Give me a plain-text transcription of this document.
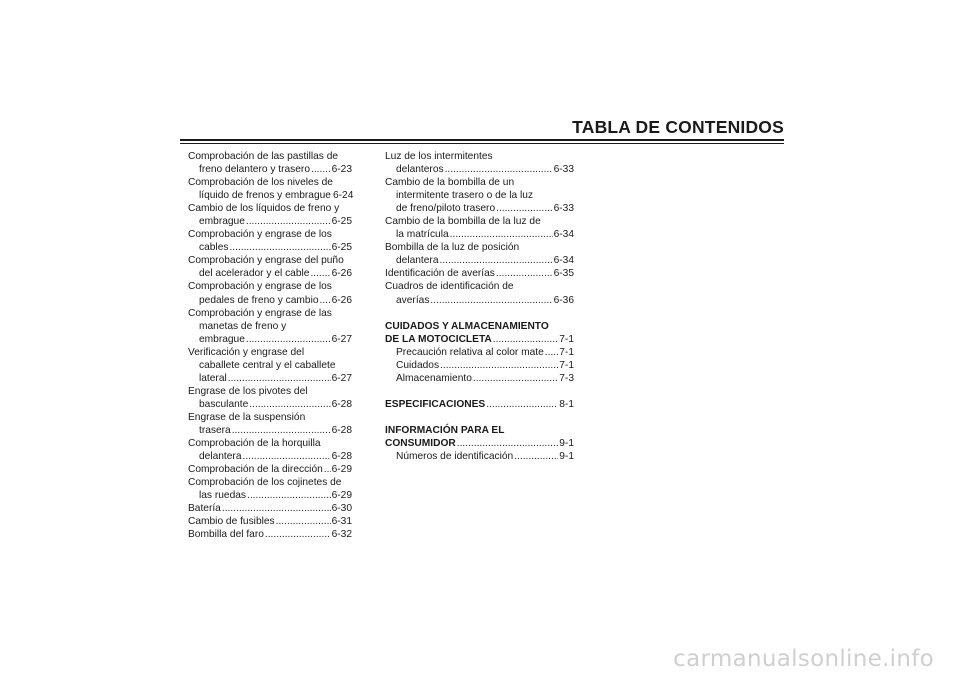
TABLA DE CONTENIDOS
Comprobación de las pastillas de
freno delantero y trasero ..... 6-23
Comprobación de los niveles de
líquido de frenos y embrague 6-24
Cambio de los líquidos de freno y
embrague .....	6-25
Comprobación y engrase de los
cables .....	6-25
Comprobación y engrase del puño
del acelerador y el cable ..... 6-26
Comprobación y engrase de los
pedales de freno y cambio ..... 6-26
Comprobación y engrase de las
manetas de freno y
embrague .....	6-27
Verificación y engrase del
caballete central y el caballete
lateral .....	6-27
Engrase de los pivotes del
basculante .....	6-28
Engrase de la suspensión
trasera .....	6-28
Comprobación de la horquilla
delantera .....	6-28
Comprobación de la dirección ..... 6-29
Comprobación de los cojinetes de
las ruedas .....	6-29
Batería .....	6-30
Cambio de fusibles .....	6-31
Bombilla del faro .....	6-32
Luz de los intermitentes
delanteros .....	6-33
Cambio de la bombilla de un
intermitente trasero o de la luz
de freno/piloto trasero .....	6-33
Cambio de la bombilla de la luz de
la matrícula .....	6-34
Bombilla de la luz de posición
delantera .....	6-34
Identificación de averías .....	6-35
Cuadros de identificación de
averías .....	6-36
CUIDADOS Y ALMACENAMIENTO
DE LA MOTOCICLETA .....	7-1
Precaución relativa al color mate ..... 7-1
Cuidados .....	7-1
Almacenamiento .....	7-3
ESPECIFICACIONES .....	8-1
INFORMACIÓN PARA EL
CONSUMIDOR .....	9-1
Números de identificación .....	9-1
carmanualsonline.info
